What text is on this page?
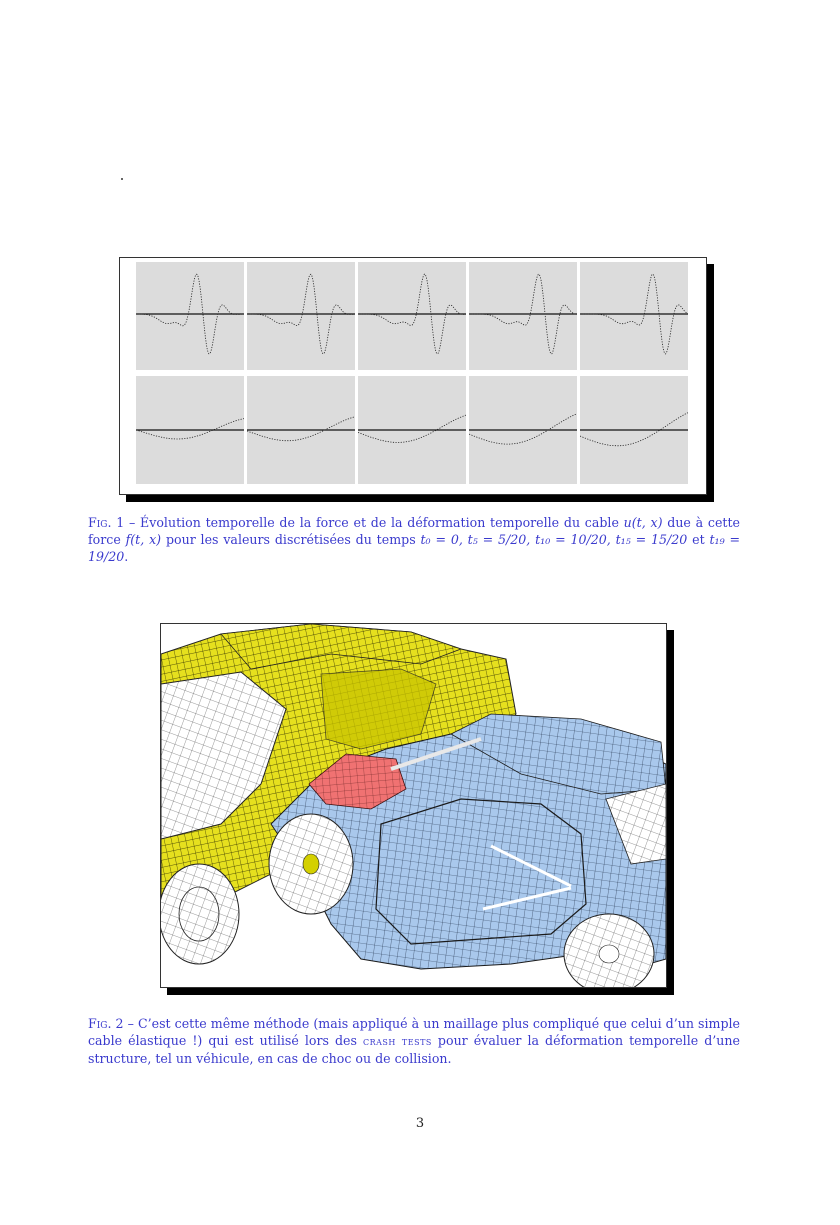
Fig. 1 – Évolution temporelle de la force et de la déformation temporelle du cable u(t, x) due à cette force f(t, x) pour les valeurs discrétisées du temps t₀ = 0, t₅ = 5/20, t₁₀ = 10/20, t₁₅ = 15/20 et t₁₉ = 19/20.
Fig. 2 – C’est cette même méthode (mais appliqué à un maillage plus compliqué que celui d’un simple cable élastique !) qui est utilisé lors des crash tests pour évaluer la déformation temporelle d’une structure, tel un véhicule, en cas de choc ou de collision.
3
